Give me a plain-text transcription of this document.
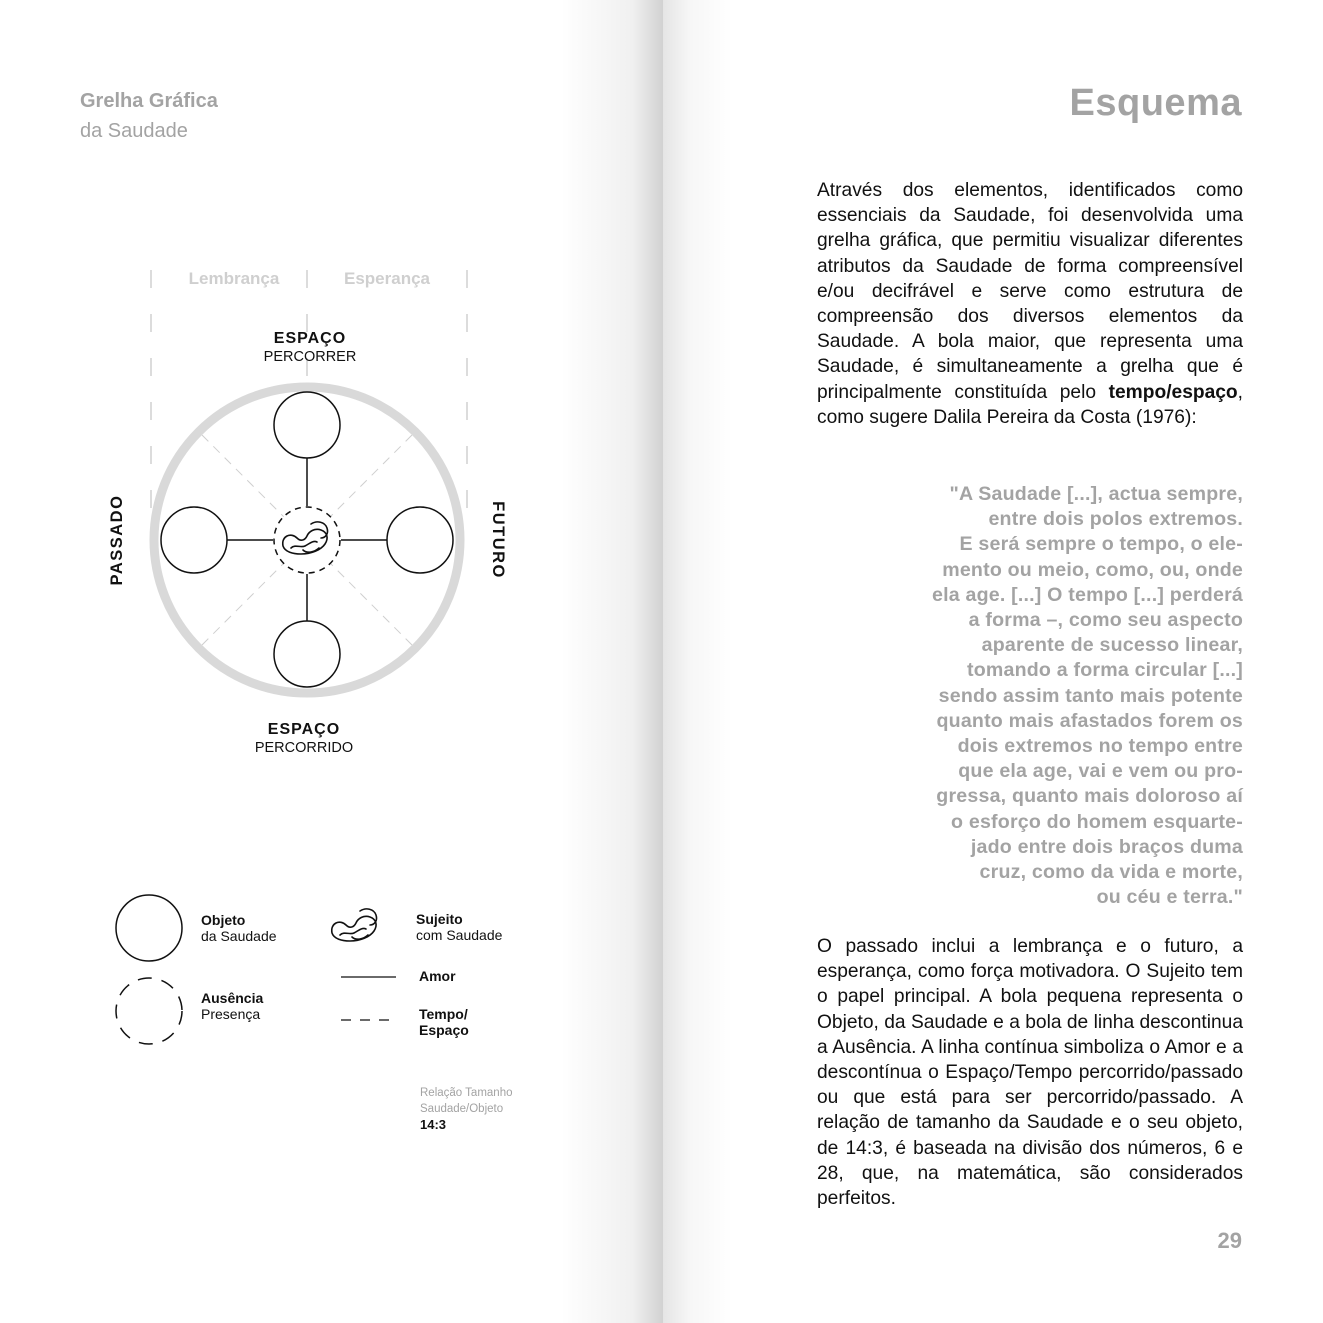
Grelha Gráfica
da Saudade
Lembrança	Esperança
ESPAÇO
PERCORRER
PASSADO	FUTURO
ESPAÇO
PERCORRIDO
Objeto
da Saudade
Sujeito
com Saudade
Ausência
Presença
Amor
Tempo/
Espaço
Relação Tamanho
Saudade/Objeto
14:3
Esquema

Através dos elementos, identificados como essenciais da Saudade, foi desenvolvida uma grelha gráfica, que permitiu visualizar diferentes atributos da Saudade de forma compreensível e/ou decifrável e serve como estrutura de compreensão dos diversos elementos da Saudade. A bola maior, que representa uma Saudade, é simultaneamente a grelha que é principalmente constituída pelo tempo/espaço, como sugere Dalila Pereira da Costa (1976):

"A Saudade [...], actua sempre,
entre dois polos extremos.
E será sempre o tempo, o ele-
mento ou meio, como, ou, onde
ela age. [...] O tempo [...] perderá
a forma –, como seu aspecto
aparente de sucesso linear,
tomando a forma circular [...]
sendo assim tanto mais potente
quanto mais afastados forem os
dois extremos no tempo entre
que ela age, vai e vem ou pro-
gressa, quanto mais doloroso aí
o esforço do homem esquarte-
jado entre dois braços duma
cruz, como da vida e morte,
ou céu e terra."

O passado inclui a lembrança e o futuro, a esperança, como força motivadora. O Sujeito tem o papel principal. A bola pequena representa o Objeto, da Saudade e a bola de linha descontinua a Ausência. A linha contínua simboliza o Amor e a descontínua o Espaço/Tempo percorrido/passado ou que está para ser percorrido/passado. A relação de tamanho da Saudade e o seu objeto, de 14:3, é baseada na divisão dos números, 6 e 28, que, na matemática, são considerados perfeitos.

29
